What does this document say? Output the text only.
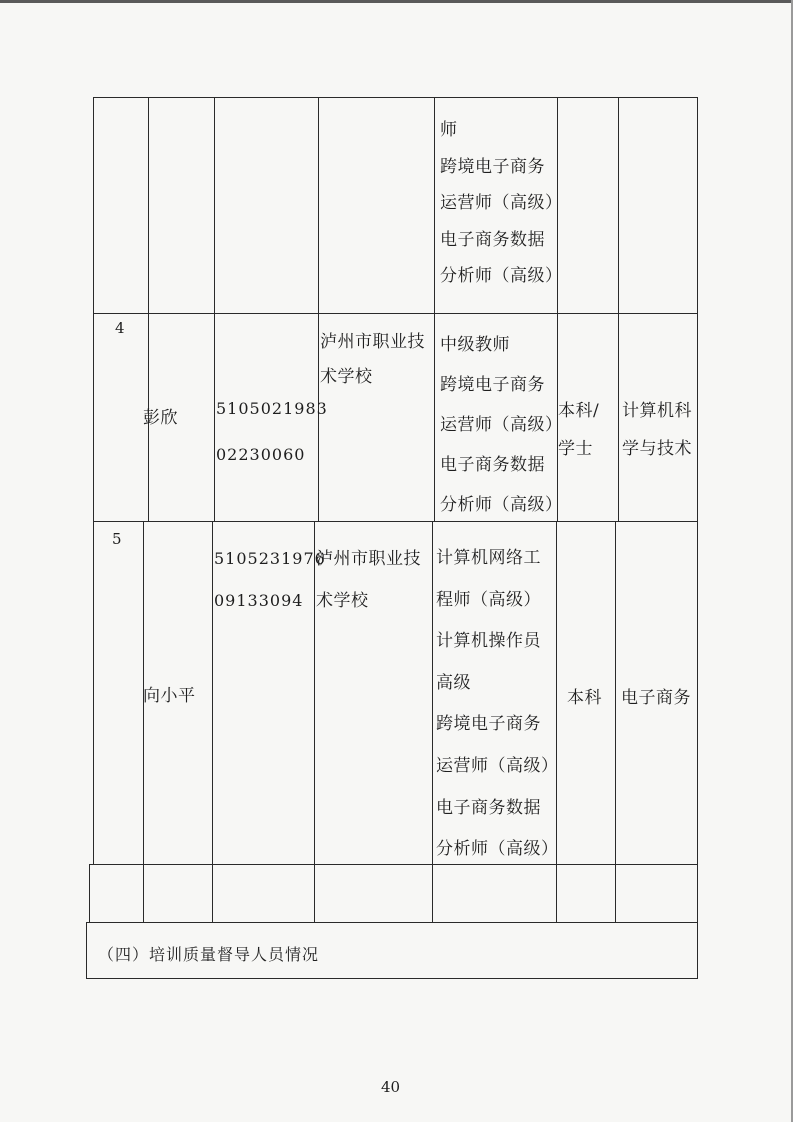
师
跨境电子商务
运营师（高级）
电子商务数据
分析师（高级）
4
彭欣 5105021983
02230060
泸州市职业技
术学校
中级教师
跨境电子商务
运营师（高级）
电子商务数据
分析师（高级）
本科/
学士
计算机科
学与技术
5
向小平
5105231976
09133094
泸州市职业技
术学校
计算机网络工
程师（高级）
计算机操作员
高级
跨境电子商务
运营师（高级）
电子商务数据
分析师（高级）
本科 电子商务
（四）培训质量督导人员情况
40
